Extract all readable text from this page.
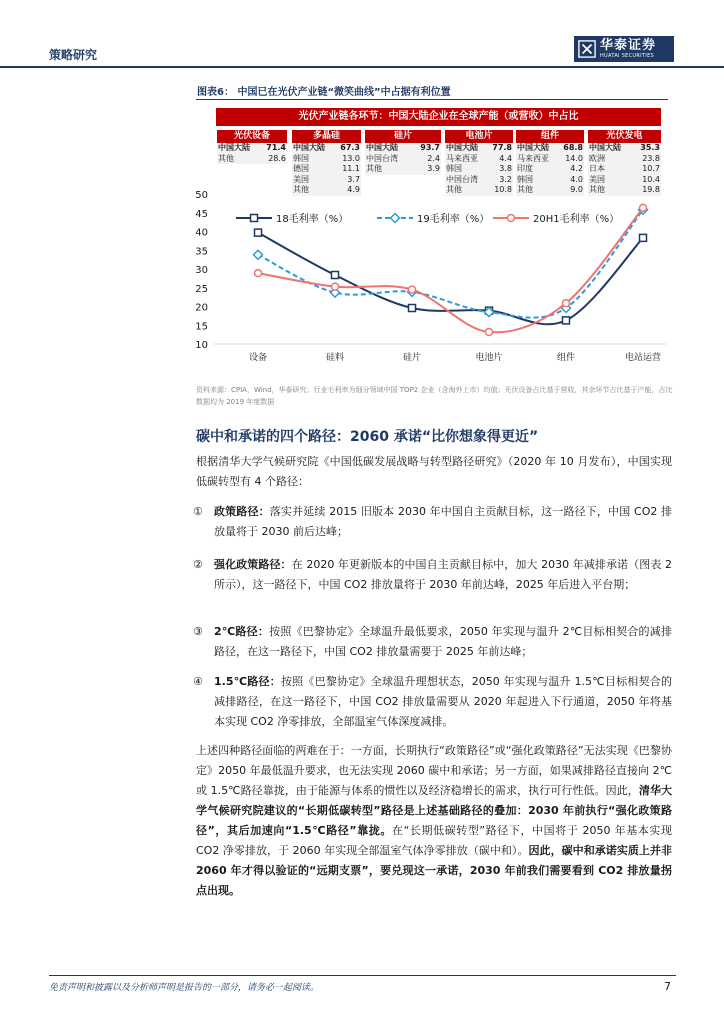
策略研究
华泰证券
HUATAI SECURITIES
图表6： 中国已在光伏产业链“微笑曲线”中占据有利位置
光伏产业链各环节：中国大陆企业在全球产能（或营收）中占比
光伏设备
中国大陆 71.4
其他	28.6
多晶硅
中国大陆 67.3
韩国	13.0
德国	11.1
美国	3.7
其他	4.9
硅片
中国大陆	93.7
中国台湾	2.4
其他	3.9
电池片
中国大陆 77.8
马来西亚	4.4
韩国	3.8
中国台湾	3.2
其他	10.8
组件
中国大陆 68.8
马来西亚 14.0
印度	4.2
韩国	4.0
其他	9.0
光伏发电
中国大陆 35.3
欧洲	23.8
日本	10.7
美国	10.4
其他	19.8
10
15
20
25
30
35
40
45
50
设备	硅料	硅片	电池片	组件	电站运营
18毛利率（%）	19毛利率（%）	20H1毛利率（%）
资料来源：CPIA，Wind，华泰研究；行业毛利率为细分领域中国 TOP2 企业（含海外上市）均值；光伏设备占比基于营收，其余环节占比基于产能，占比数据均为 2019 年度数据
碳中和承诺的四个路径：2060 承诺“比你想象得更近”
根据清华大学气候研究院《中国低碳发展战略与转型路径研究》（2020 年 10 月发布），中国实现低碳转型有 4 个路径：
① 政策路径：落实并延续 2015 旧版本 2030 年中国自主贡献目标，这一路径下，中国 CO2 排放量将于 2030 前后达峰；
② 强化政策路径：在 2020 年更新版本的中国自主贡献目标中，加大 2030 年减排承诺（图表 2 所示），这一路径下，中国 CO2 排放量将于 2030 年前达峰，2025 年后进入平台期；
③ 2℃路径：按照《巴黎协定》全球温升最低要求，2050 年实现与温升 2℃目标相契合的减排路径，在这一路径下，中国 CO2 排放量需要于 2025 年前达峰；
④ 1.5℃路径：按照《巴黎协定》全球温升理想状态，2050 年实现与温升 1.5℃目标相契合的减排路径，在这一路径下，中国 CO2 排放量需要从 2020 年起进入下行通道，2050 年将基本实现 CO2 净零排放，全部温室气体深度减排。
上述四种路径面临的两难在于：一方面，长期执行“政策路径”或“强化政策路径”无法实现《巴黎协定》2050 年最低温升要求，也无法实现 2060 碳中和承诺；另一方面，如果减排路径直接向 2℃或 1.5℃路径靠拢，由于能源与体系的惯性以及经济稳增长的需求，执行可行性低。因此，清华大学气候研究院建议的“长期低碳转型”路径是上述基础路径的叠加：2030 年前执行“强化政策路径”，其后加速向“1.5℃路径”靠拢。在“长期低碳转型”路径下，中国将于 2050 年基本实现 CO2 净零排放，于 2060 年实现全部温室气体净零排放（碳中和）。因此，碳中和承诺实质上并非 2060 年才得以验证的“远期支票”，要兑现这一承诺，2030 年前我们需要看到 CO2 排放量拐点出现。
免责声明和披露以及分析师声明是报告的一部分，请务必一起阅读。	7
